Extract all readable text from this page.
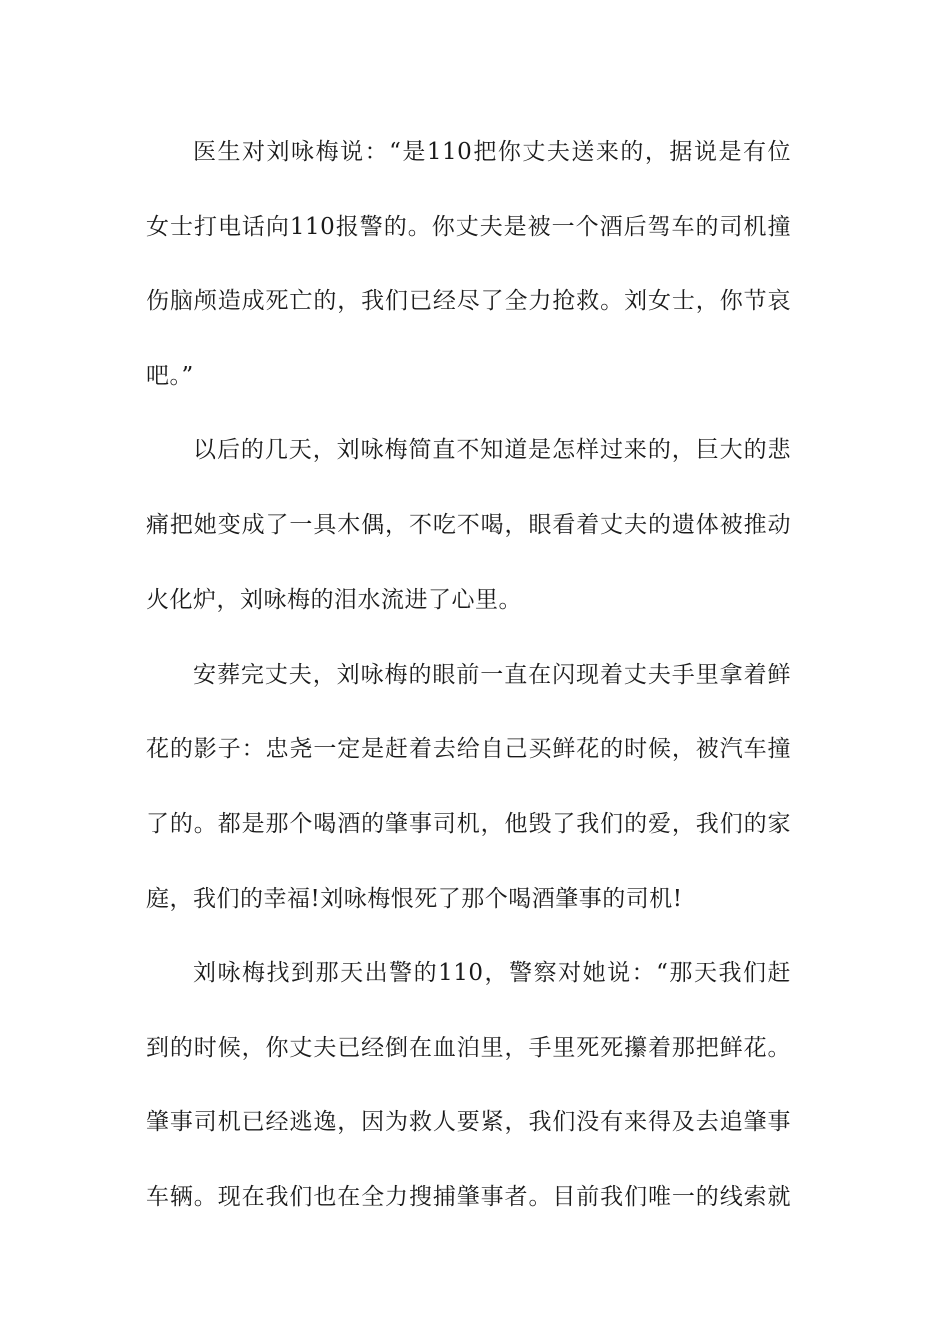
医生对刘咏梅说：“是110把你丈夫送来的，据说是有位
女士打电话向110报警的。你丈夫是被一个酒后驾车的司机撞
伤脑颅造成死亡的，我们已经尽了全力抢救。刘女士，你节哀
吧。”
以后的几天，刘咏梅简直不知道是怎样过来的，巨大的悲
痛把她变成了一具木偶，不吃不喝，眼看着丈夫的遗体被推动
火化炉，刘咏梅的泪水流进了心里。
安葬完丈夫，刘咏梅的眼前一直在闪现着丈夫手里拿着鲜
花的影子：忠尧一定是赶着去给自己买鲜花的时候，被汽车撞
了的。都是那个喝酒的肇事司机，他毁了我们的爱，我们的家
庭，我们的幸福!刘咏梅恨死了那个喝酒肇事的司机!
刘咏梅找到那天出警的110，警察对她说：“那天我们赶
到的时候，你丈夫已经倒在血泊里，手里死死攥着那把鲜花。
肇事司机已经逃逸，因为救人要紧，我们没有来得及去追肇事
车辆。现在我们也在全力搜捕肇事者。目前我们唯一的线索就
